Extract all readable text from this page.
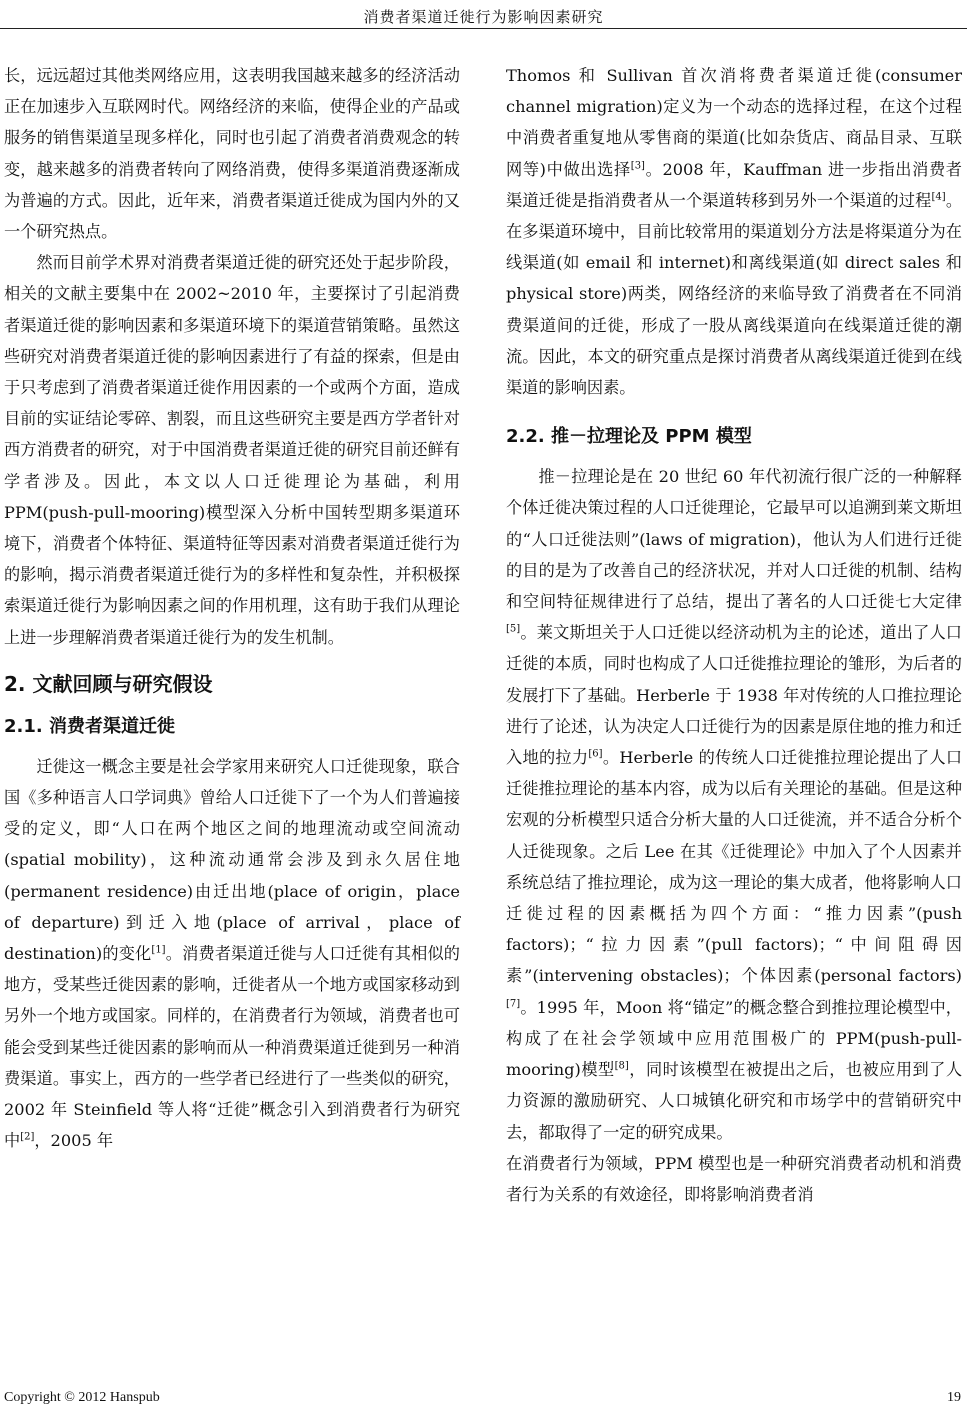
消费者渠道迁徙行为影响因素研究

长，远远超过其他类网络应用，这表明我国越来越多的经济活动正在加速步入互联网时代。网络经济的来临，使得企业的产品或服务的销售渠道呈现多样化，同时也引起了消费者消费观念的转变，越来越多的消费者转向了网络消费，使得多渠道消费逐渐成为普遍的方式。因此，近年来，消费者渠道迁徙成为国内外的又一个研究热点。

然而目前学术界对消费者渠道迁徙的研究还处于起步阶段，相关的文献主要集中在 2002~2010 年，主要探讨了引起消费者渠道迁徙的影响因素和多渠道环境下的渠道营销策略。虽然这些研究对消费者渠道迁徙的影响因素进行了有益的探索，但是由于只考虑到了消费者渠道迁徙作用因素的一个或两个方面，造成目前的实证结论零碎、割裂，而且这些研究主要是西方学者针对西方消费者的研究，对于中国消费者渠道迁徙的研究目前还鲜有学者涉及。因此，本文以人口迁徙理论为基础，利用 PPM(push-pull-mooring)模型深入分析中国转型期多渠道环境下，消费者个体特征、渠道特征等因素对消费者渠道迁徙行为的影响，揭示消费者渠道迁徙行为的多样性和复杂性，并积极探索渠道迁徙行为影响因素之间的作用机理，这有助于我们从理论上进一步理解消费者渠道迁徙行为的发生机制。

2. 文献回顾与研究假设
2.1. 消费者渠道迁徙

迁徙这一概念主要是社会学家用来研究人口迁徙现象，联合国《多种语言人口学词典》曾给人口迁徙下了一个为人们普遍接受的定义，即“人口在两个地区之间的地理流动或空间流动(spatial mobility)，这种流动通常会涉及到永久居住地(permanent residence)由迁出地(place of origin，place of departure)到迁入地(place of arrival，place of destination)的变化[1]。消费者渠道迁徙与人口迁徙有其相似的地方，受某些迁徙因素的影响，迁徙者从一个地方或国家移动到另外一个地方或国家。同样的，在消费者行为领域，消费者也可能会受到某些迁徙因素的影响而从一种消费渠道迁徙到另一种消费渠道。事实上，西方的一些学者已经进行了一些类似的研究，2002 年 Steinfield 等人将“迁徙”概念引入到消费者行为研究中[2]，2005 年

Thomos 和 Sullivan 首次消将费者渠道迁徙(consumer channel migration)定义为一个动态的选择过程，在这个过程中消费者重复地从零售商的渠道(比如杂货店、商品目录、互联网等)中做出选择[3]。2008 年，Kauffman 进一步指出消费者渠道迁徙是指消费者从一个渠道转移到另外一个渠道的过程[4]。在多渠道环境中，目前比较常用的渠道划分方法是将渠道分为在线渠道(如 email 和 internet)和离线渠道(如 direct sales 和 physical store)两类，网络经济的来临导致了消费者在不同消费渠道间的迁徙，形成了一股从离线渠道向在线渠道迁徙的潮流。因此，本文的研究重点是探讨消费者从离线渠道迁徙到在线渠道的影响因素。

2.2. 推－拉理论及 PPM 模型

推－拉理论是在 20 世纪 60 年代初流行很广泛的一种解释个体迁徙决策过程的人口迁徙理论，它最早可以追溯到莱文斯坦的“人口迁徙法则”(laws of migration)，他认为人们进行迁徙的目的是为了改善自己的经济状况，并对人口迁徙的机制、结构和空间特征规律进行了总结，提出了著名的人口迁徙七大定律[5]。莱文斯坦关于人口迁徙以经济动机为主的论述，道出了人口迁徙的本质，同时也构成了人口迁徙推拉理论的雏形，为后者的发展打下了基础。Herberle 于 1938 年对传统的人口推拉理论进行了论述，认为决定人口迁徙行为的因素是原住地的推力和迁入地的拉力[6]。Herberle 的传统人口迁徙推拉理论提出了人口迁徙推拉理论的基本内容，成为以后有关理论的基础。但是这种宏观的分析模型只适合分析大量的人口迁徙流，并不适合分析个人迁徙现象。之后 Lee 在其《迁徙理论》中加入了个人因素并系统总结了推拉理论，成为这一理论的集大成者，他将影响人口迁徙过程的因素概括为四个方面：“推力因素”(push factors)；“拉力因素”(pull factors)；“中间阻碍因素”(intervening obstacles)；个体因素(personal factors)[7]。1995 年，Moon 将“锚定”的概念整合到推拉理论模型中，构成了在社会学领域中应用范围极广的 PPM(push-pull-mooring)模型[8]，同时该模型在被提出之后，也被应用到了人力资源的激励研究、人口城镇化研究和市场学中的营销研究中去，都取得了一定的研究成果。

在消费者行为领域，PPM 模型也是一种研究消费者动机和消费者行为关系的有效途径，即将影响消费者消

Copyright © 2012 Hanspub	19
